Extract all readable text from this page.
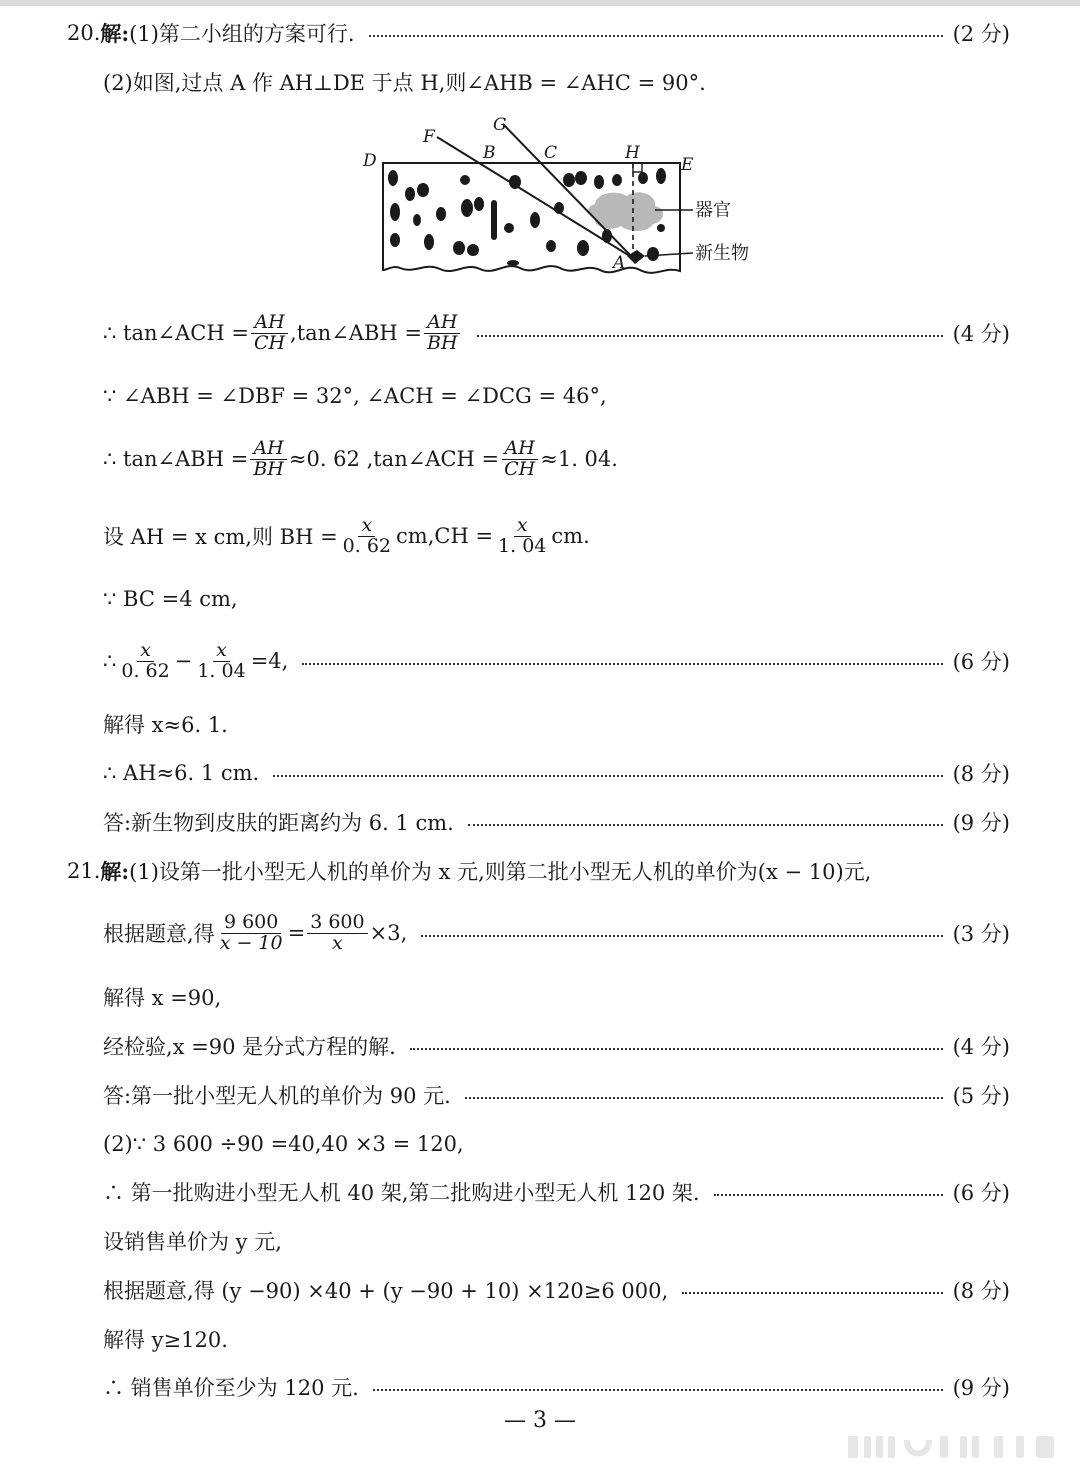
20. 解: (1)第二小组的方案可行.	(2 分)
(2)如图,过点 A 作 AH⊥DE 于点 H,则∠AHB = ∠AHC = 90°.
D
F
G
B	C	H
E
A
器官
新生物
∴ tan∠ACH = $\frac{AH}{CH}$ ,tan∠ABH = $\frac{AH}{BH}$	(4 分)
∵ ∠ABH = ∠DBF = 32°, ∠ACH = ∠DCG = 46°,
∴ tan∠ABH = $\frac{AH}{BH} \approx 0$. 62 ,tan∠ACH = $\frac{AH}{CH} \approx 1$. 04.
设 AH = x cm,则 BH = $\frac{x}{0. 62} cm,CH = \frac{x}{1. 04}$ cm.
∵ BC =4 cm,
∴ $\frac{x}{0. 62} - \frac{x}{1. 04} =4$,	(6 分)
解得 x≈6. 1.
∴ AH≈6. 1 cm.	(8 分)
答:新生物到皮肤的距离约为 6. 1 cm.	(9 分)
21. 解: (1)设第一批小型无人机的单价为 x 元,则第二批小型无人机的单价为(x − 10)元,
根据题意,得 $\frac{9 600}{x - 10} = \frac{3 600}{x} \times 3$,	(3 分)
解得 x =90,
经检验,x =90 是分式方程的解.	(4 分)
答:第一批小型无人机的单价为 90 元.	(5 分)
(2)∵ 3 600 ÷90 =40,40 ×3 = 120,
∴ 第一批购进小型无人机 40 架,第二批购进小型无人机 120 架.	(6 分)
设销售单价为 y 元,
根据题意,得 (y −90) ×40 + (y −90 + 10) ×120≥6 000,	(8 分)
解得 y≥120.
∴ 销售单价至少为 120 元.	(9 分)
— 3 —
